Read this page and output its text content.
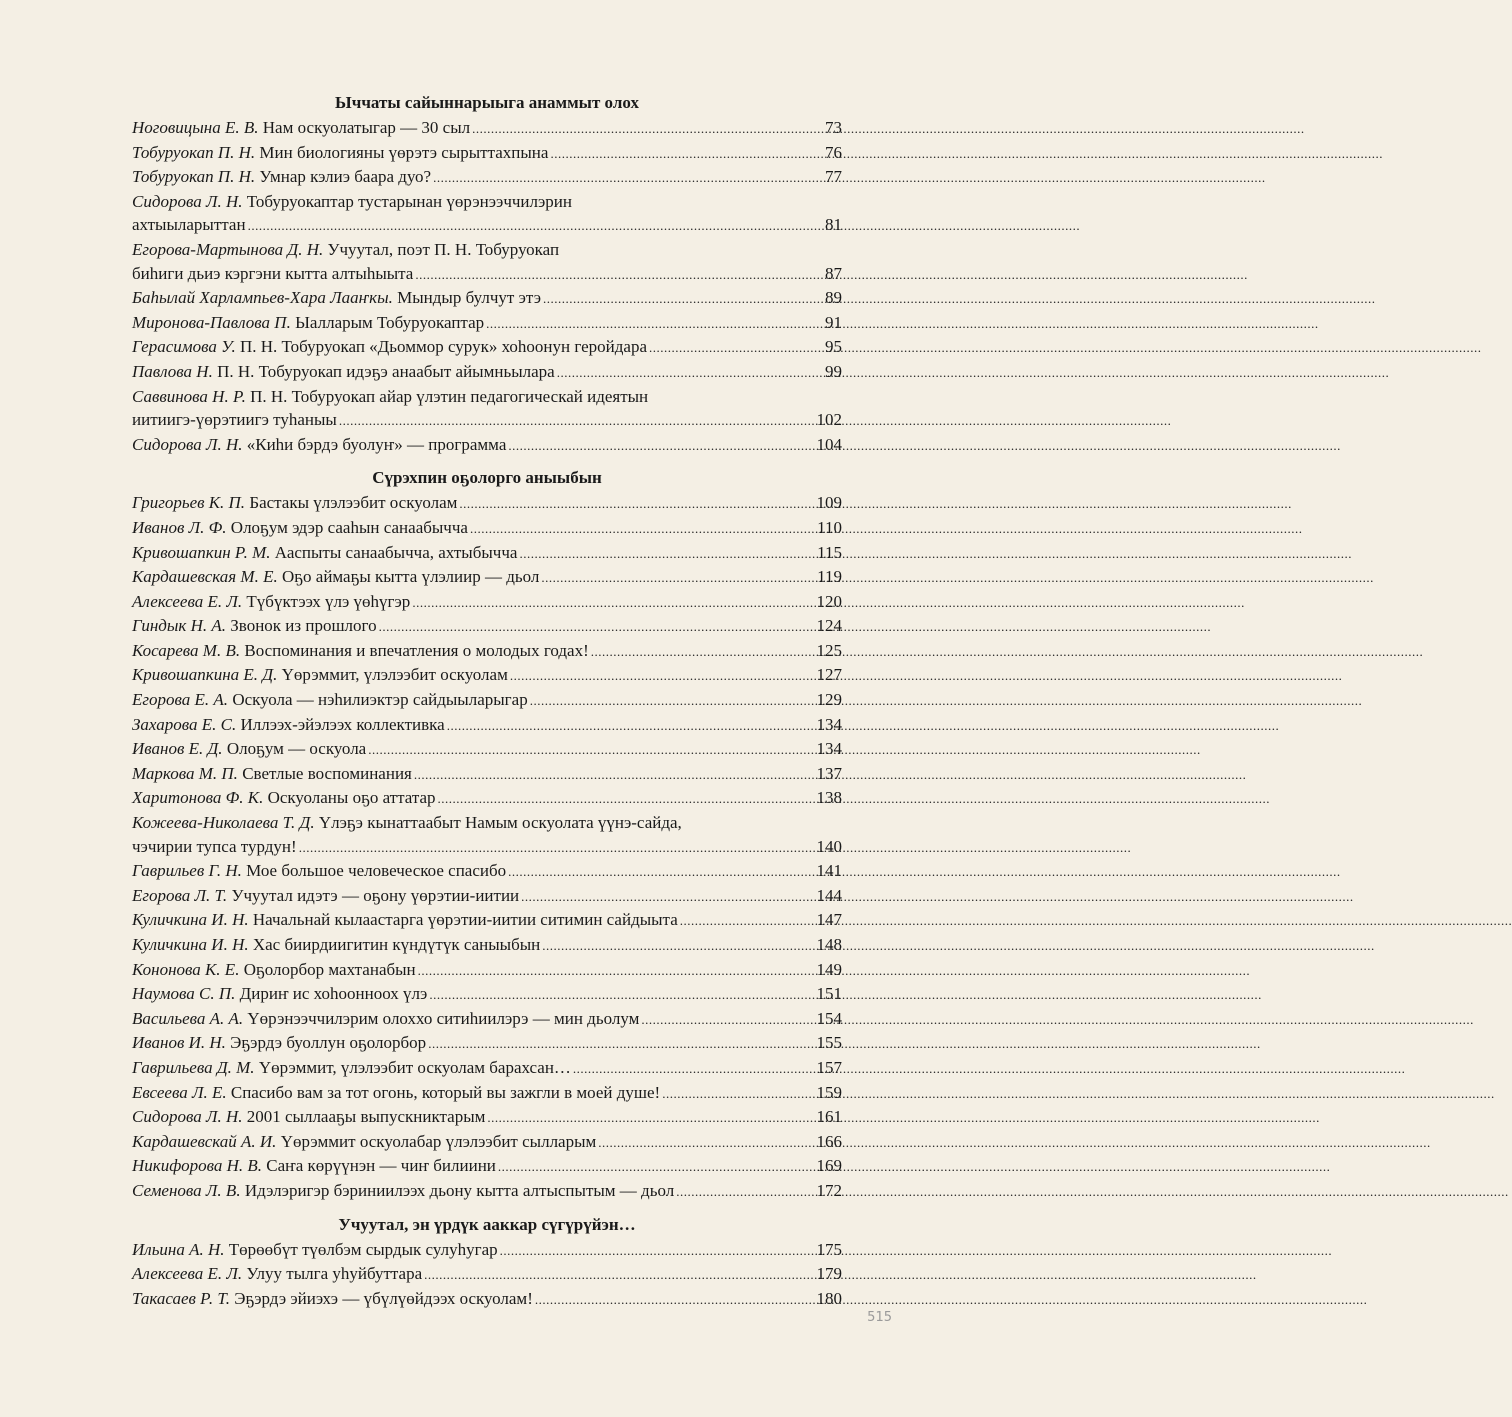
Ыччаты сайыннарыыга анаммыт олох
Ноговицына Е. В. Нам оскуолатыгар — 30 сыл .....	73
Тобуруокап П. Н. Мин биологияны үөрэтэ сырыттахпына .....	76
Тобуруокап П. Н. Умнар кэлиэ баара дуо? .....	77
Сидорова Л. Н. Тобуруокаптар тустарынан үөрэнээччилэрин
ахтыыларыттан .....	81
Егорова-Мартынова Д. Н. Учуутал, поэт П. Н. Тобуруокап
биһиги дьиэ кэргэни кытта алтыһыыта .....	87
Баһылай Харлампьев-Хара Лааҥкы. Мындыр булчут этэ .....	89
Миронова-Павлова П. Ыалларым Тобуруокаптар .....	91
Герасимова У. П. Н. Тобуруокап «Дьоммор сурук» хоһоонун геройдара .....	95
Павлова Н. П. Н. Тобуруокап идэҕэ анаабыт айымньылара .....	99
Саввинова Н. Р. П. Н. Тобуруокап айар үлэтин педагогическай идеятын
иитиигэ-үөрэтиигэ туһаныы .....	102
Сидорова Л. Н. «Киһи бэрдэ буолуҥ» — программа .....	104
Сүрэхпин оҕолорго аныыбын
Григорьев К. П. Бастакы үлэлээбит оскуолам .....	109
Иванов Л. Ф. Олоҕум эдэр сааһын санаабычча .....	110
Кривошапкин Р. М. Ааспыты санаабычча, ахтыбычча .....	115
Кардашевская М. Е. Оҕо аймаҕы кытта үлэлиир — дьол .....	119
Алексеева Е. Л. Түбүктээх үлэ үөһүгэр .....	120
Гиндык Н. А. Звонок из прошлого .....	124
Косарева М. В. Воспоминания и впечатления о молодых годах! .....	125
Кривошапкина Е. Д. Үөрэммит, үлэлээбит оскуолам .....	127
Егорова Е. А. Оскуола — нэһилиэктэр сайдыыларыгар .....	129
Захарова Е. С. Иллээх-эйэлээх коллективка .....	134
Иванов Е. Д. Олоҕум — оскуола .....	134
Маркова М. П. Светлые воспоминания .....	137
Харитонова Ф. К. Оскуоланы оҕо аттатар .....	138
Кожеева-Николаева Т. Д. Үлэҕэ кынаттаабыт Намым оскуолата үүнэ-сайда,
чэчирии тупса турдун! .....	140
Гаврильев Г. Н. Мое большое человеческое спасибо .....	141
Егорова Л. Т. Учуутал идэтэ — оҕону үөрэтии-иитии .....	144
Куличкина И. Н. Начальнай кылаастарга үөрэтии-иитии ситимин сайдыыта .....	147
Куличкина И. Н. Хас биирдиигитин күндүтүк саныыбын .....	148
Кононова К. Е. Оҕолорбор махтанабын .....	149
Наумова С. П. Дириҥ ис хоһоонноох үлэ .....	151
Васильева А. А. Үөрэнээччилэрим олоххо ситиһиилэрэ — мин дьолум .....	154
Иванов И. Н. Эҕэрдэ буоллун оҕолорбор .....	155
Гаврильева Д. М. Үөрэммит, үлэлээбит оскуолам барахсан… .....	157
Евсеева Л. Е. Спасибо вам за тот огонь, который вы зажгли в моей душе! .....	159
Сидорова Л. Н. 2001 сыллааҕы выпускниктарым .....	161
Кардашевскай А. И. Үөрэммит оскуолабар үлэлээбит сылларым .....	166
Никифорова Н. В. Саҥа көрүүнэн — чиҥ билиини .....	169
Семенова Л. В. Идэлэригэр бэриниилээх дьону кытта алтыспытым — дьол .....	172
Учуутал, эн үрдүк ааккар сүгүрүйэн…
Ильина А. Н. Төрөөбүт түөлбэм сырдык сулуһугар .....	175
Алексеева Е. Л. Улуу тылга уһуйбуттара .....	179
Такасаев Р. Т. Эҕэрдэ эйиэхэ — үбүлүөйдээх оскуолам! .....	180
515
